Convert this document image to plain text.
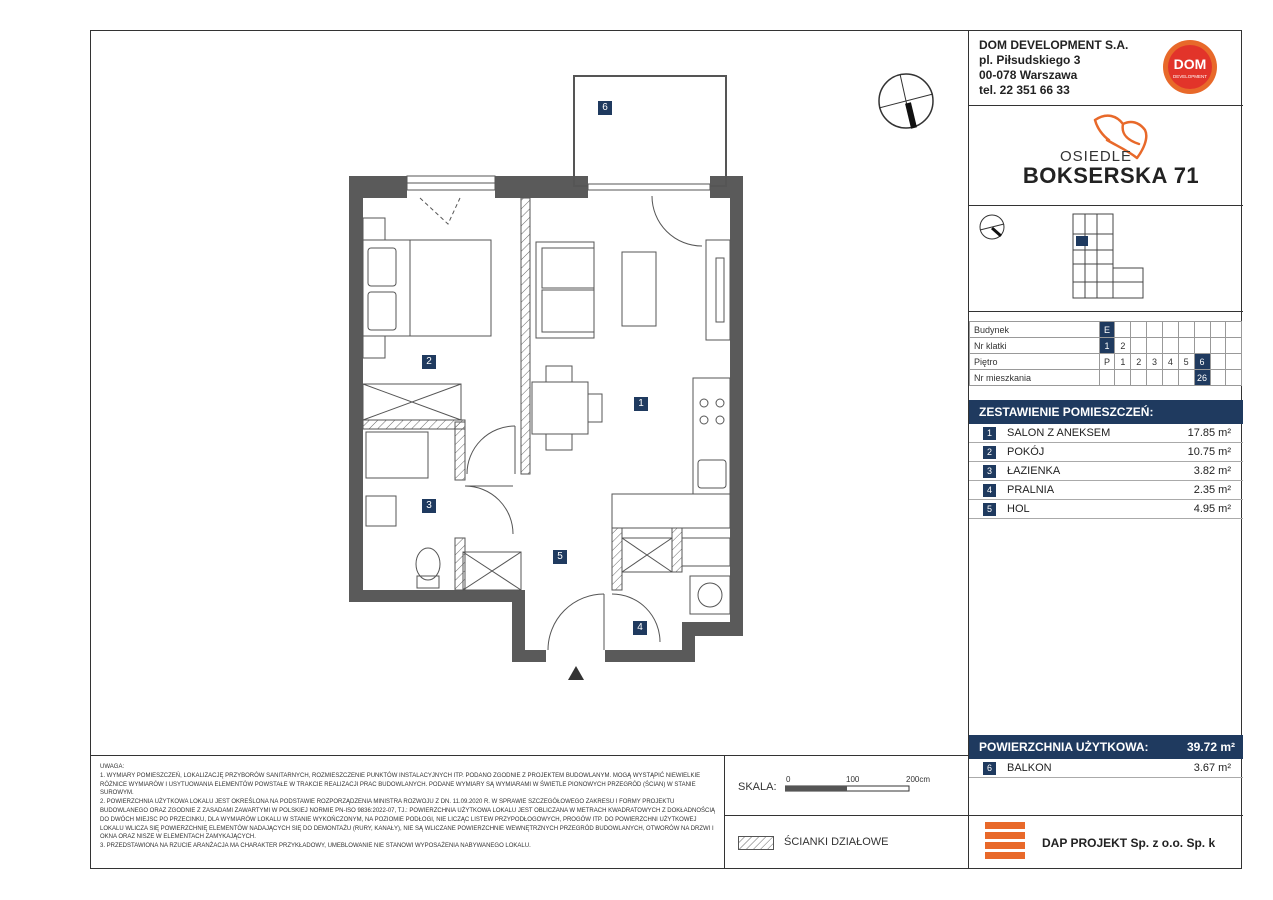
1
2
3
4
5
6
DOM DEVELOPMENT S.A.
pl. Piłsudskiego 3
00-078 Warszawa
tel. 22 351 66 33
DOM
DEVELOPMENT
OSIEDLE
BOKSERSKA 71
Budynek	E								
Nr klatki	1	2							
Piętro	P	1	2	3	4	5	6		
Nr mieszkania							26		
ZESTAWIENIE POMIESZCZEŃ:
1	SALON Z ANEKSEM	17.85 m²
2	POKÓJ	10.75 m²
3	ŁAZIENKA	3.82 m²
4	PRALNIA	2.35 m²
5	HOL	4.95 m²
POWIERZCHNIA UŻYTKOWA:	39.72 m²
6	BALKON	3.67 m²
UWAGA:
1. WYMIARY POMIESZCZEŃ, LOKALIZACJĘ PRZYBORÓW SANITARNYCH, ROZMIESZCZENIE PUNKTÓW INSTALACYJNYCH ITP. PODANO ZGODNIE Z PROJEKTEM BUDOWLANYM. MOGĄ WYSTĄPIĆ NIEWIELKIE RÓŻNICE WYMIARÓW I USYTUOWANIA ELEMENTÓW POWSTAŁE W TRAKCIE REALIZACJI PRAC BUDOWLANYCH. PODANE WYMIARY SĄ WYMIARAMI W ŚWIETLE PIONOWYCH PRZEGRÓD (ŚCIAN) W STANIE SUROWYM.
2. POWIERZCHNIA UŻYTKOWA LOKALU JEST OKREŚLONA NA PODSTAWIE ROZPORZĄDZENIA MINISTRA ROZWOJU Z DN. 11.09.2020 R. W SPRAWIE SZCZEGÓŁOWEGO ZAKRESU I FORMY PROJEKTU BUDOWLANEGO ORAZ ZGODNIE Z ZASADAMI ZAWARTYMI W POLSKIEJ NORMIE PN-ISO 9836:2022-07, TJ.: POWIERZCHNIA UŻYTKOWA LOKALU JEST OBLICZANA W METRACH KWADRATOWYCH Z DOKŁADNOŚCIĄ DO DWÓCH MIEJSC PO PRZECINKU, DLA WYMIARÓW LOKALU W STANIE WYKOŃCZONYM, NA POZIOMIE PODŁOGI, NIE LICZĄC LISTEW PRZYPODŁOGOWYCH, PROGÓW ITP. DO POWIERZCHNI UŻYTKOWEJ LOKALU WLICZA SIĘ POWIERZCHNIĘ ELEMENTÓW NADAJĄCYCH SIĘ DO DEMONTAŻU (RURY, KANAŁY), NIE SĄ WLICZANE POWIERZCHNIE WEWNĘTRZNYCH PRZEGRÓD BUDOWLANYCH, OTWORÓW NA DRZWI I OKNA ORAZ NISZE W ELEMENTACH ZAMYKAJĄCYCH.
3. PRZEDSTAWIONA NA RZUCIE ARANŻACJA MA CHARAKTER PRZYKŁADOWY, UMEBLOWANIE NIE STANOWI WYPOSAŻENIA NABYWANEGO LOKALU.
SKALA:
0	100	200cm
ŚCIANKI DZIAŁOWE	DAP PROJEKT Sp. z o.o. Sp. k
